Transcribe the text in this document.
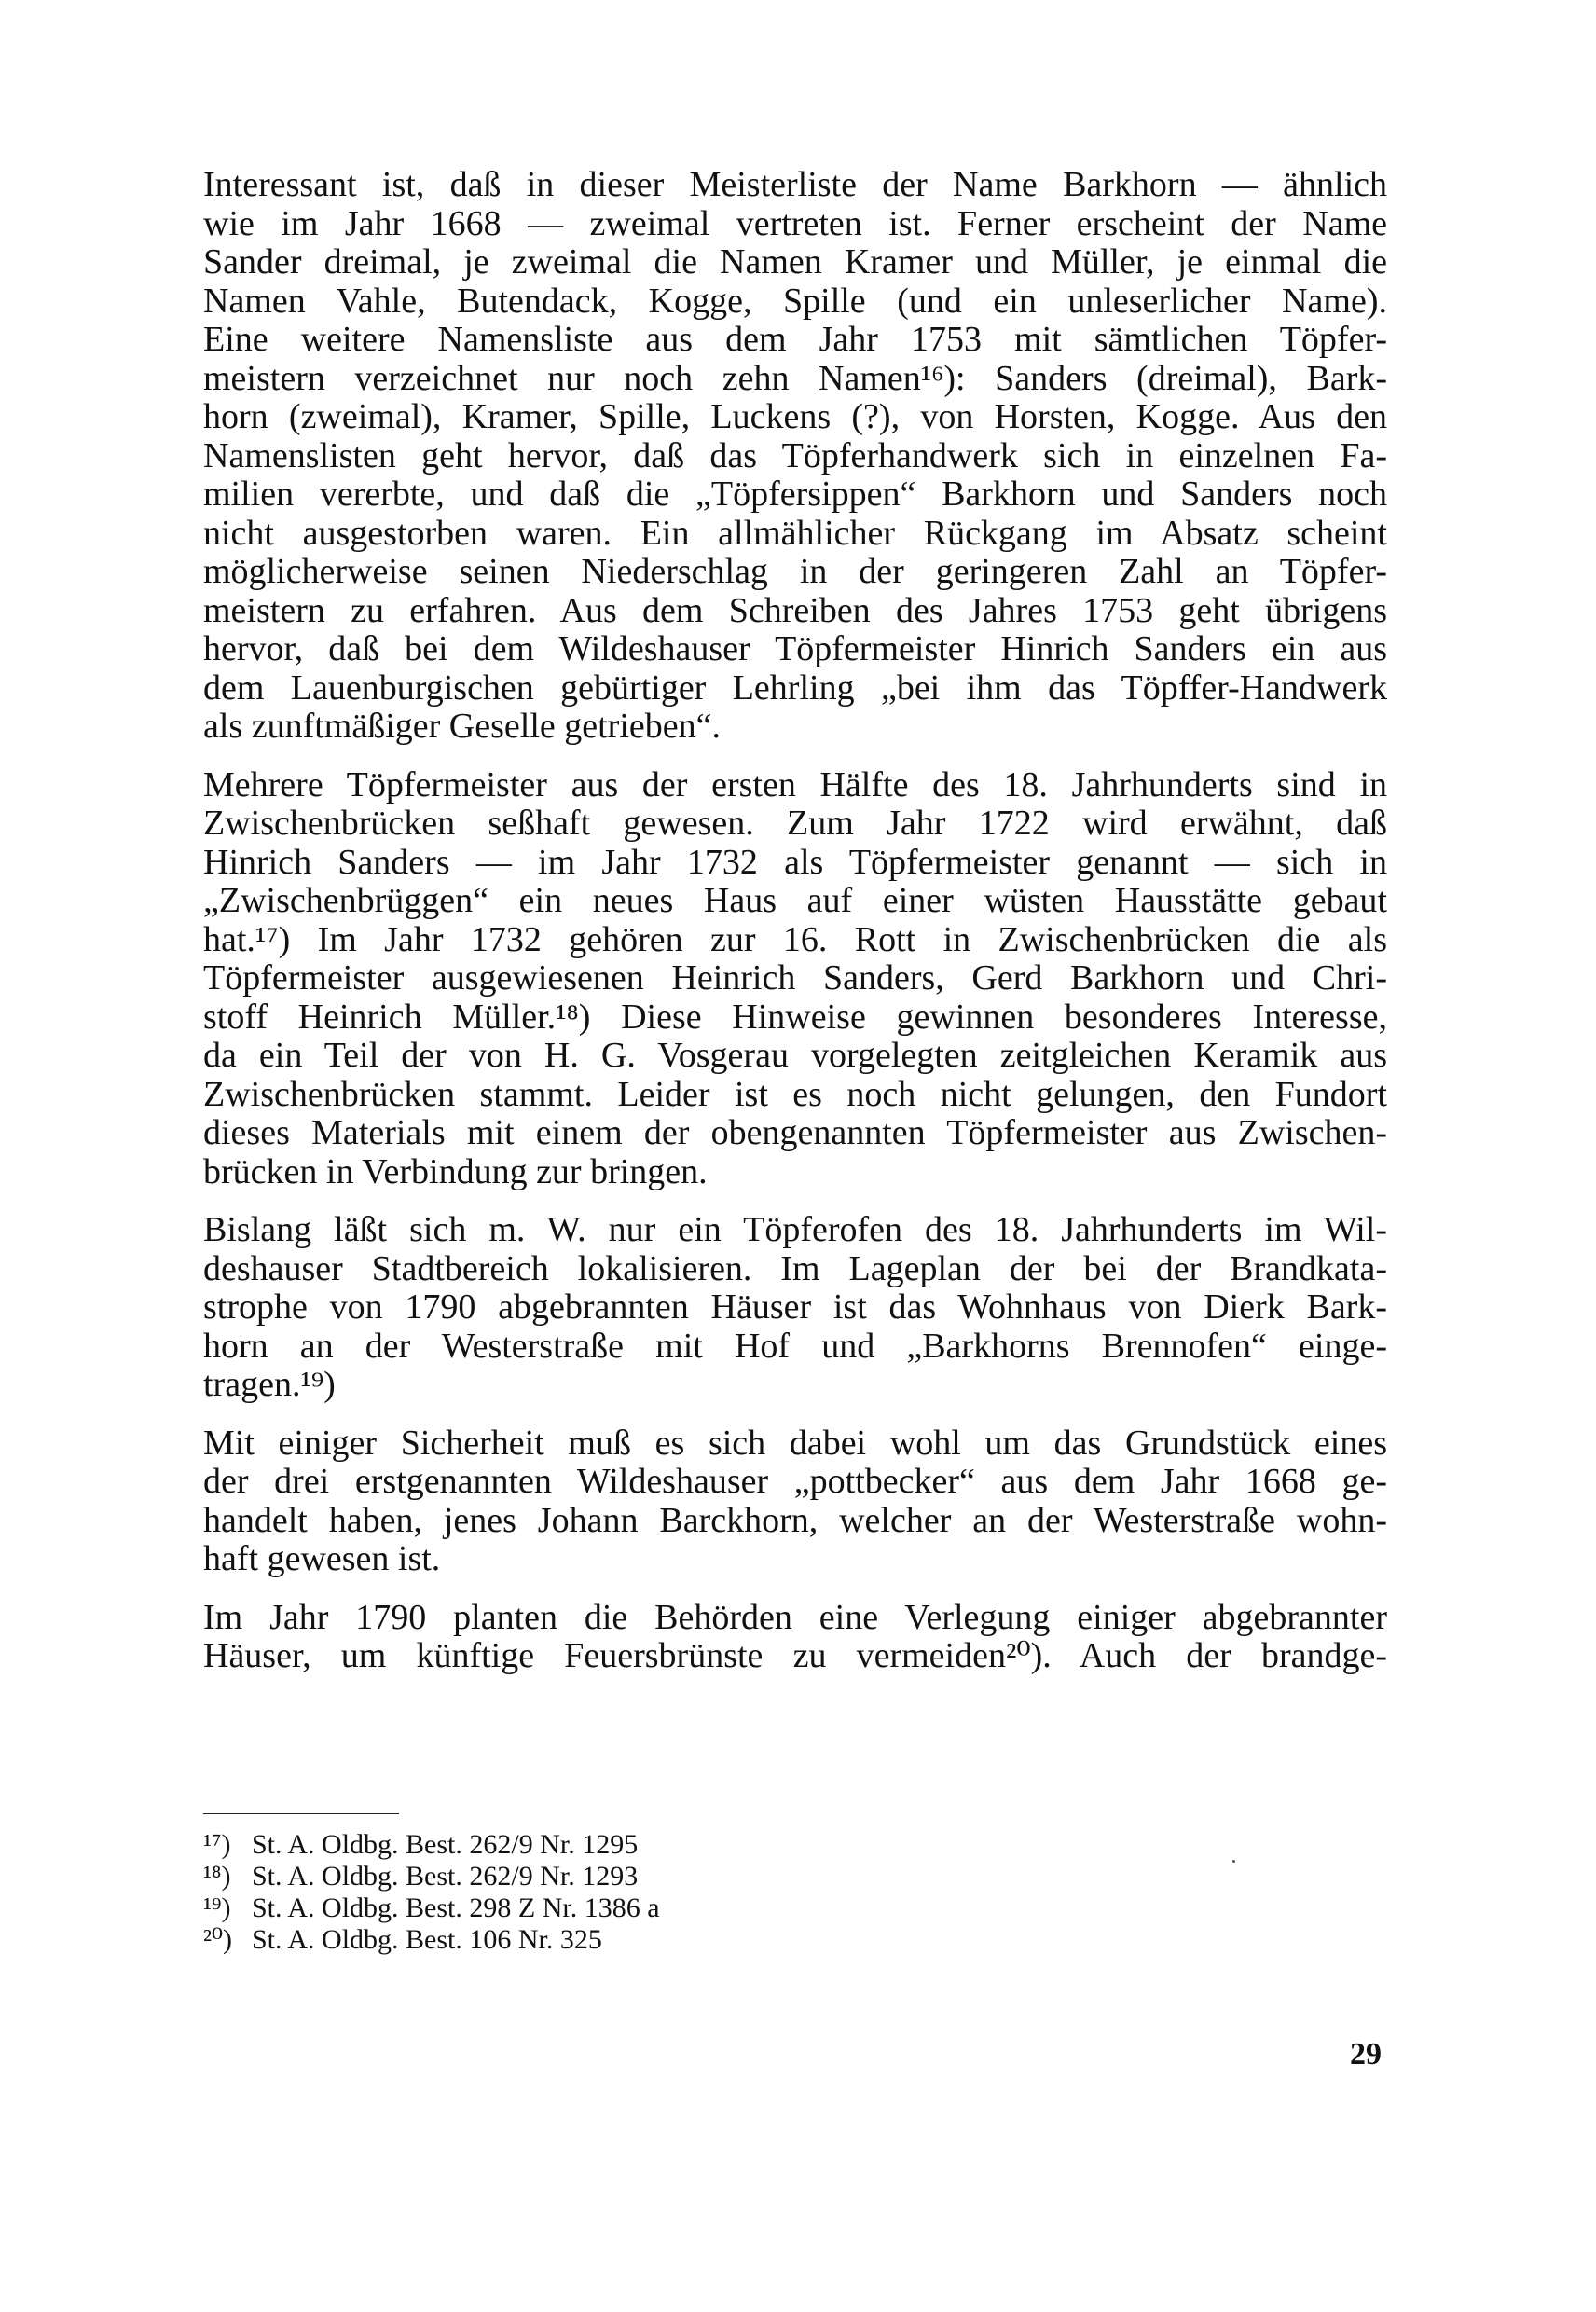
Interessant ist, daß in dieser Meisterliste der Name Barkhorn — ähnlich
wie im Jahr 1668 — zweimal vertreten ist. Ferner erscheint der Name
Sander dreimal, je zweimal die Namen Kramer und Müller, je einmal die
Namen Vahle, Butendack, Kogge, Spille (und ein unleserlicher Name).
Eine weitere Namensliste aus dem Jahr 1753 mit sämtlichen Töpfer-
meistern verzeichnet nur noch zehn Namen¹⁶): Sanders (dreimal), Bark-
horn (zweimal), Kramer, Spille, Luckens (?), von Horsten, Kogge. Aus den
Namenslisten geht hervor, daß das Töpferhandwerk sich in einzelnen Fa-
milien vererbte, und daß die „Töpfersippen“ Barkhorn und Sanders noch
nicht ausgestorben waren. Ein allmählicher Rückgang im Absatz scheint
möglicherweise seinen Niederschlag in der geringeren Zahl an Töpfer-
meistern zu erfahren. Aus dem Schreiben des Jahres 1753 geht übrigens
hervor, daß bei dem Wildeshauser Töpfermeister Hinrich Sanders ein aus
dem Lauenburgischen gebürtiger Lehrling „bei ihm das Töpffer-Handwerk
als zunftmäßiger Geselle getrieben“.

Mehrere Töpfermeister aus der ersten Hälfte des 18. Jahrhunderts sind in
Zwischenbrücken seßhaft gewesen. Zum Jahr 1722 wird erwähnt, daß
Hinrich Sanders — im Jahr 1732 als Töpfermeister genannt — sich in
„Zwischenbrüggen“ ein neues Haus auf einer wüsten Hausstätte gebaut
hat.¹⁷) Im Jahr 1732 gehören zur 16. Rott in Zwischenbrücken die als
Töpfermeister ausgewiesenen Heinrich Sanders, Gerd Barkhorn und Chri-
stoff Heinrich Müller.¹⁸) Diese Hinweise gewinnen besonderes Interesse,
da ein Teil der von H. G. Vosgerau vorgelegten zeitgleichen Keramik aus
Zwischenbrücken stammt. Leider ist es noch nicht gelungen, den Fundort
dieses Materials mit einem der obengenannten Töpfermeister aus Zwischen-
brücken in Verbindung zur bringen.

Bislang läßt sich m. W. nur ein Töpferofen des 18. Jahrhunderts im Wil-
deshauser Stadtbereich lokalisieren. Im Lageplan der bei der Brandkata-
strophe von 1790 abgebrannten Häuser ist das Wohnhaus von Dierk Bark-
horn an der Westerstraße mit Hof und „Barkhorns Brennofen“ einge-
tragen.¹⁹)

Mit einiger Sicherheit muß es sich dabei wohl um das Grundstück eines
der drei erstgenannten Wildeshauser „pottbecker“ aus dem Jahr 1668 ge-
handelt haben, jenes Johann Barckhorn, welcher an der Westerstraße wohn-
haft gewesen ist.

Im Jahr 1790 planten die Behörden eine Verlegung einiger abgebrannter
Häuser, um künftige Feuersbrünste zu vermeiden²⁰). Auch der brandge-

¹⁷) St. A. Oldbg. Best. 262/9 Nr. 1295
¹⁸) St. A. Oldbg. Best. 262/9 Nr. 1293
¹⁹) St. A. Oldbg. Best. 298 Z Nr. 1386 a
²⁰) St. A. Oldbg. Best. 106 Nr. 325
29
